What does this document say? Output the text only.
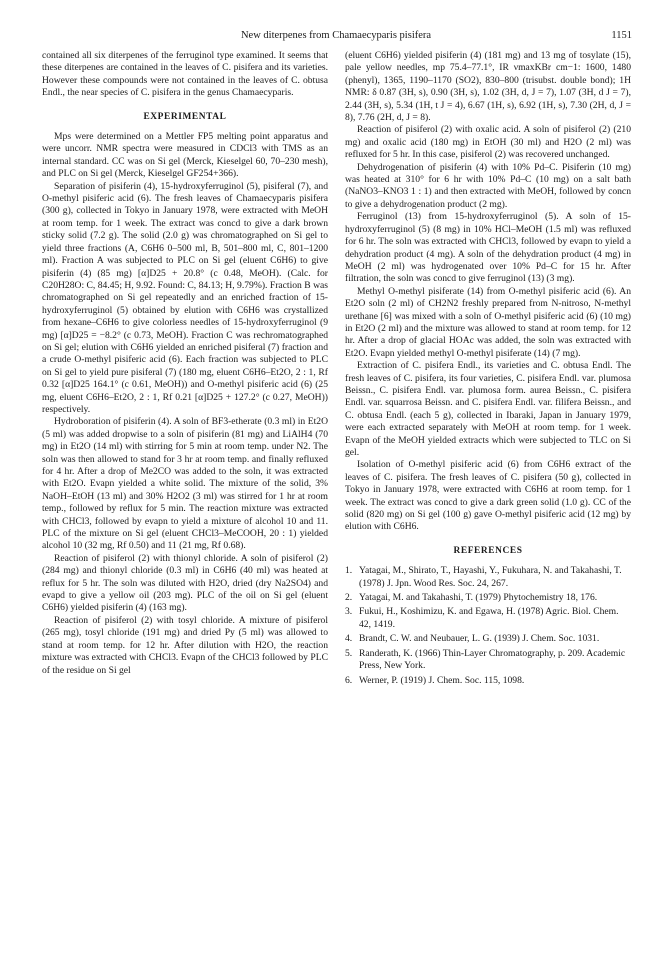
New diterpenes from Chamaecyparis pisifera	1151

contained all six diterpenes of the ferruginol type examined. It seems that these diterpenes are contained in the leaves of C. pisifera and its varieties. However these compounds were not contained in the leaves of C. obtusa Endl., the near species of C. pisifera in the genus Chamaecyparis.

EXPERIMENTAL

Mps were determined on a Mettler FP5 melting point apparatus and were uncorr. NMR spectra were measured in CDCl3 with TMS as an internal standard. CC was on Si gel (Merck, Kieselgel 60, 70–230 mesh), and PLC on Si gel (Merck, Kieselgel GF254+366).

Separation of pisiferin (4), 15-hydroxyferruginol (5), pisiferal (7), and O-methyl pisiferic acid (6). The fresh leaves of Chamaecyparis pisifera (300 g), collected in Tokyo in January 1978, were extracted with MeOH at room temp. for 1 week. The extract was concd to give a dark brown sticky solid (7.2 g). The solid (2.0 g) was chromatographed on Si gel to yield three fractions (A, C6H6 0–500 ml, B, 501–800 ml, C, 801–1200 ml). Fraction A was subjected to PLC on Si gel (eluent C6H6) to give pisiferin (4) (85 mg) [α]D25 + 20.8° (c 0.48, MeOH). (Calc. for C20H28O: C, 84.45; H, 9.92. Found: C, 84.13; H, 9.79%). Fraction B was chromatographed on Si gel repeatedly and an enriched fraction of 15-hydroxyferruginol (5) obtained by elution with C6H6 was crystallized from hexane–C6H6 to give colorless needles of 15-hydroxyferruginol (9 mg) [α]D25 = −8.2° (c 0.73, MeOH). Fraction C was rechromatographed on Si gel; elution with C6H6 yielded an enriched pisiferal (7) fraction and a crude O-methyl pisiferic acid (6). Each fraction was subjected to PLC on Si gel to yield pure pisiferal (7) (180 mg, eluent C6H6–Et2O, 2 : 1, Rf 0.32 [α]D25 164.1° (c 0.61, MeOH)) and O-methyl pisiferic acid (6) (25 mg, eluent C6H6–Et2O, 2 : 1, Rf 0.21 [α]D25 + 127.2° (c 0.27, MeOH)) respectively.

Hydroboration of pisiferin (4). A soln of BF3-etherate (0.3 ml) in Et2O (5 ml) was added dropwise to a soln of pisiferin (81 mg) and LiAlH4 (70 mg) in Et2O (14 ml) with stirring for 5 min at room temp. under N2. The soln was then allowed to stand for 3 hr at room temp. and finally refluxed for 4 hr. After a drop of Me2CO was added to the soln, it was extracted with Et2O. Evapn yielded a white solid. The mixture of the solid, 3% NaOH–EtOH (13 ml) and 30% H2O2 (3 ml) was stirred for 1 hr at room temp., followed by reflux for 5 min. The reaction mixture was extracted with CHCl3, followed by evapn to yield a mixture of alcohol 10 and 11. PLC of the mixture on Si gel (eluent CHCl3–MeCOOH, 20 : 1) yielded alcohol 10 (32 mg, Rf 0.50) and 11 (21 mg, Rf 0.68).

Reaction of pisiferol (2) with thionyl chloride. A soln of pisiferol (2) (284 mg) and thionyl chloride (0.3 ml) in C6H6 (40 ml) was heated at reflux for 5 hr. The soln was diluted with H2O, dried (dry Na2SO4) and evapd to give a yellow oil (203 mg). PLC of the oil on Si gel (eluent C6H6) yielded pisiferin (4) (163 mg).

Reaction of pisiferol (2) with tosyl chloride. A mixture of pisiferol (265 mg), tosyl chloride (191 mg) and dried Py (5 ml) was allowed to stand at room temp. for 12 hr. After dilution with H2O, the reaction mixture was extracted with CHCl3. Evapn of the CHCl3 followed by PLC of the residue on Si gel

(eluent C6H6) yielded pisiferin (4) (181 mg) and 13 mg of tosylate (15), pale yellow needles, mp 75.4–77.1°, IR νmaxKBr cm−1: 1600, 1480 (phenyl), 1365, 1190–1170 (SO2), 830–800 (trisubst. double bond); 1H NMR: δ 0.87 (3H, s), 0.90 (3H, s), 1.02 (3H, d, J = 7), 1.07 (3H, d J = 7), 2.44 (3H, s), 5.34 (1H, t J = 4), 6.67 (1H, s), 6.92 (1H, s), 7.30 (2H, d, J = 8), 7.76 (2H, d, J = 8).

Reaction of pisiferol (2) with oxalic acid. A soln of pisiferol (2) (210 mg) and oxalic acid (180 mg) in EtOH (30 ml) and H2O (2 ml) was refluxed for 5 hr. In this case, pisiferol (2) was recovered unchanged.

Dehydrogenation of pisiferin (4) with 10% Pd–C. Pisiferin (10 mg) was heated at 310° for 6 hr with 10% Pd–C (10 mg) on a salt bath (NaNO3–KNO3 1 : 1) and then extracted with MeOH, followed by concn to give a dehydrogenation product (2 mg).

Ferruginol (13) from 15-hydroxyferruginol (5). A soln of 15-hydroxyferruginol (5) (8 mg) in 10% HCl–MeOH (1.5 ml) was refluxed for 6 hr. The soln was extracted with CHCl3, followed by evapn to yield a dehydration product (4 mg). A soln of the dehydration product (4 mg) in MeOH (2 ml) was hydrogenated over 10% Pd–C for 15 hr. After filtration, the soln was concd to give ferruginol (13) (3 mg).

Methyl O-methyl pisiferate (14) from O-methyl pisiferic acid (6). An Et2O soln (2 ml) of CH2N2 freshly prepared from N-nitroso, N-methyl urethane [6] was mixed with a soln of O-methyl pisiferic acid (6) (10 mg) in Et2O (2 ml) and the mixture was allowed to stand at room temp. for 12 hr. After a drop of glacial HOAc was added, the soln was extracted with Et2O. Evapn yielded methyl O-methyl pisiferate (14) (7 mg).

Extraction of C. pisifera Endl., its varieties and C. obtusa Endl. The fresh leaves of C. pisifera, its four varieties, C. pisifera Endl. var. plumosa Beissn., C. pisifera Endl. var. plumosa form. aurea Beissn., C. pisifera Endl. var. squarrosa Beissn. and C. pisifera Endl. var. filifera Beissn., and C. obtusa Endl. (each 5 g), collected in Ibaraki, Japan in January 1979, were each extracted separately with MeOH at room temp. for 1 week. Evapn of the MeOH yielded extracts which were subjected to TLC on Si gel.

Isolation of O-methyl pisiferic acid (6) from C6H6 extract of the leaves of C. pisifera. The fresh leaves of C. pisifera (50 g), collected in Tokyo in January 1978, were extracted with C6H6 at room temp. for 1 week. The extract was concd to give a dark green solid (1.0 g). CC of the solid (820 mg) on Si gel (100 g) gave O-methyl pisiferic acid (12 mg) by elution with C6H6.

REFERENCES
1. Yatagai, M., Shirato, T., Hayashi, Y., Fukuhara, N. and Takahashi, T. (1978) J. Jpn. Wood Res. Soc. 24, 267.
2. Yatagai, M. and Takahashi, T. (1979) Phytochemistry 18, 176.
3. Fukui, H., Koshimizu, K. and Egawa, H. (1978) Agric. Biol. Chem. 42, 1419.
4. Brandt, C. W. and Neubauer, L. G. (1939) J. Chem. Soc. 1031.
5. Randerath, K. (1966) Thin-Layer Chromatography, p. 209. Academic Press, New York.
6. Werner, P. (1919) J. Chem. Soc. 115, 1098.
